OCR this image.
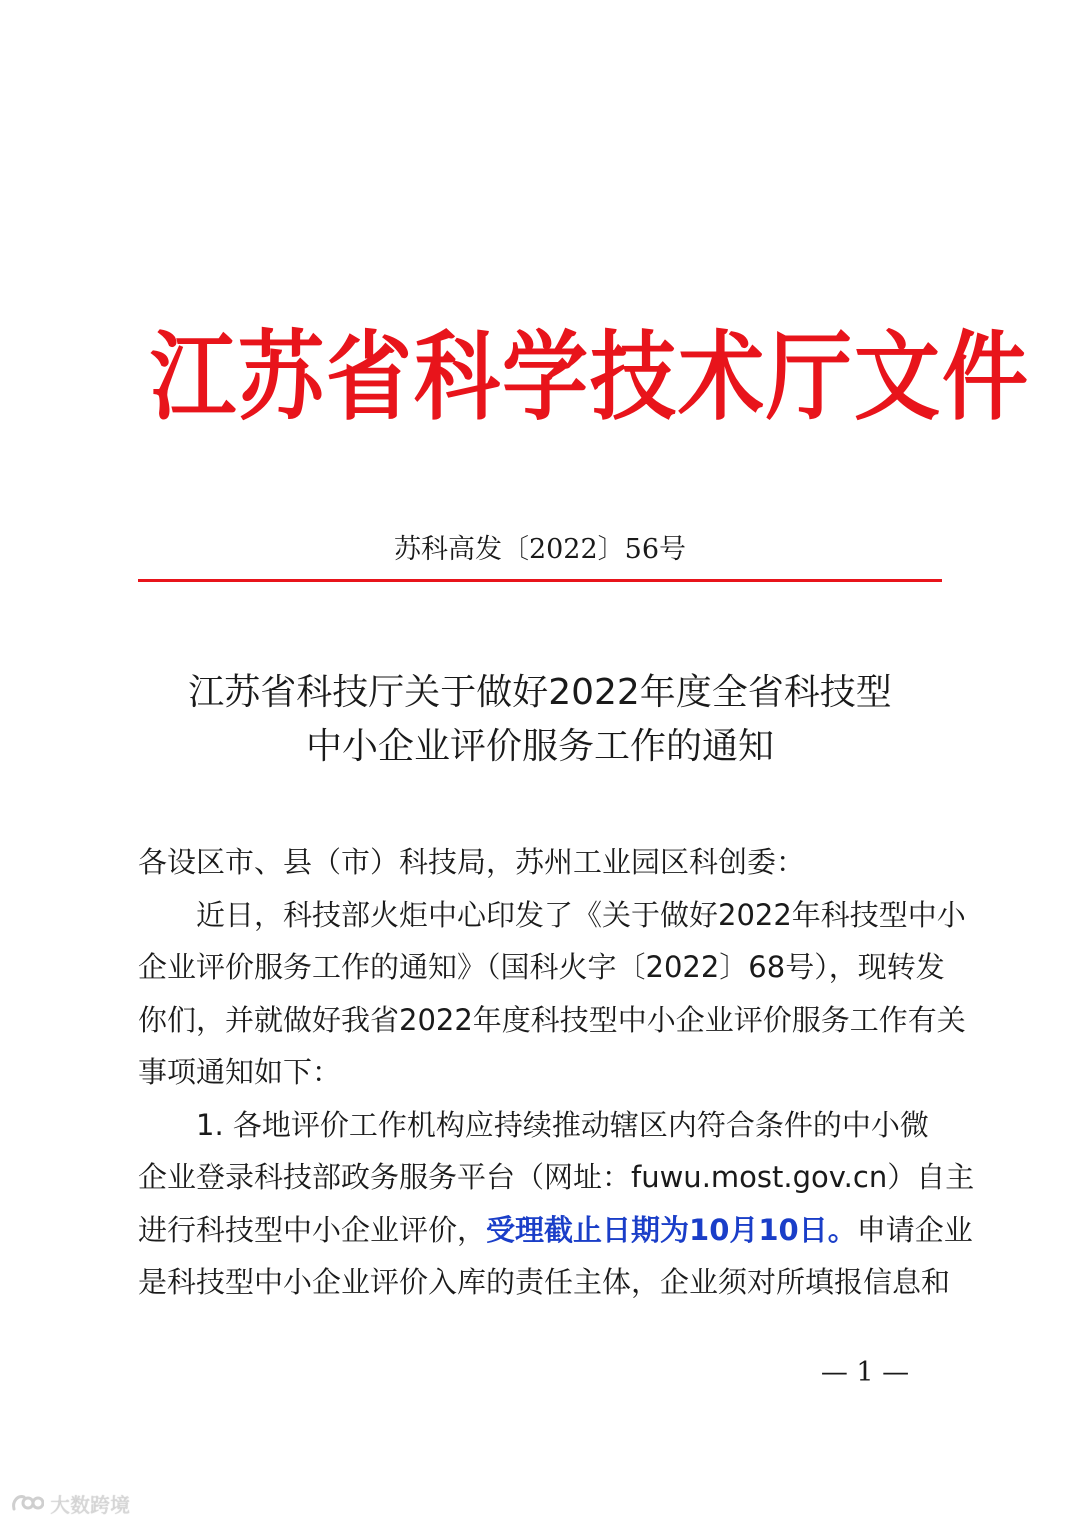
江苏省科学技术厅文件
苏科高发〔2022〕56号
江苏省科技厅关于做好2022年度全省科技型
中小企业评价服务工作的通知
各设区市、县（市）科技局，苏州工业园区科创委：
近日，科技部火炬中心印发了《关于做好2022年科技型中小
企业评价服务工作的通知》（国科火字〔2022〕68号），现转发
你们，并就做好我省2022年度科技型中小企业评价服务工作有关
事项通知如下：
1. 各地评价工作机构应持续推动辖区内符合条件的中小微
企业登录科技部政务服务平台（网址：fuwu.most.gov.cn）自主
进行科技型中小企业评价，受理截止日期为10月10日。申请企业
是科技型中小企业评价入库的责任主体，企业须对所填报信息和
— 1 —
大数跨境
